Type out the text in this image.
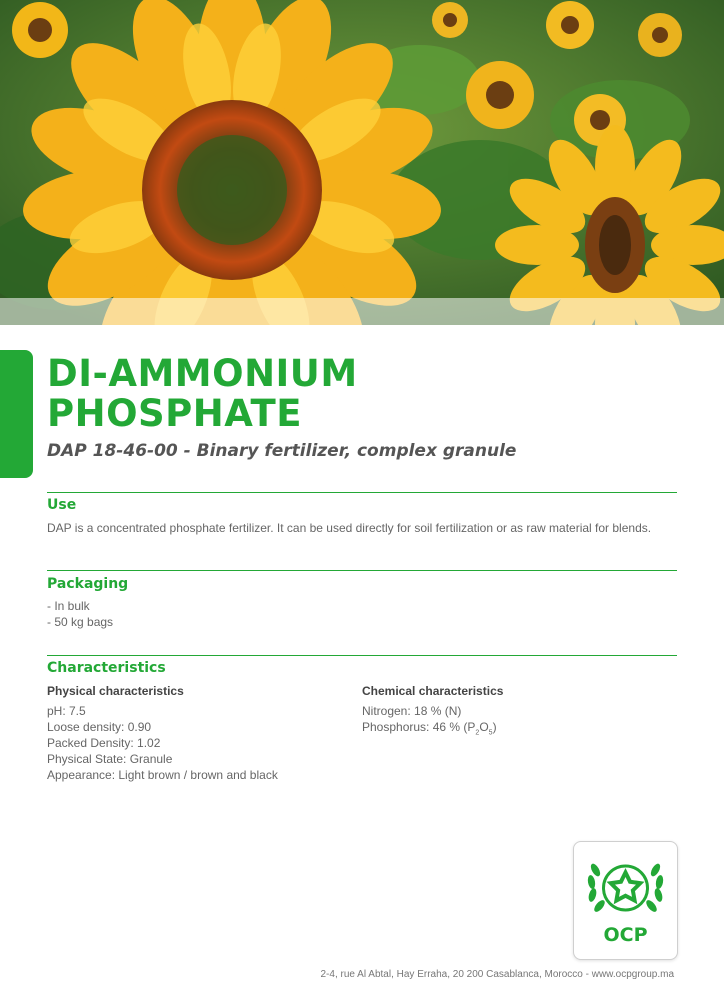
DI-AMMONIUM
PHOSPHATE

DAP 18-46-00 - Binary fertilizer, complex granule

Use

DAP is a concentrated phosphate fertilizer. It can be used directly for soil fertilization or as raw material for blends.

Packaging
- In bulk
- 50 kg bags
Characteristics
Physical characteristics
pH: 7.5
Loose density: 0.90
Packed Density: 1.02
Physical State: Granule
Appearance: Light brown / brown and black
Chemical characteristics
Nitrogen: 18 % (N)
Phosphorus: 46 % $(P_2O_5)$
OCP

2-4, rue Al Abtal, Hay Erraha, 20 200 Casablanca, Morocco - www.ocpgroup.ma
